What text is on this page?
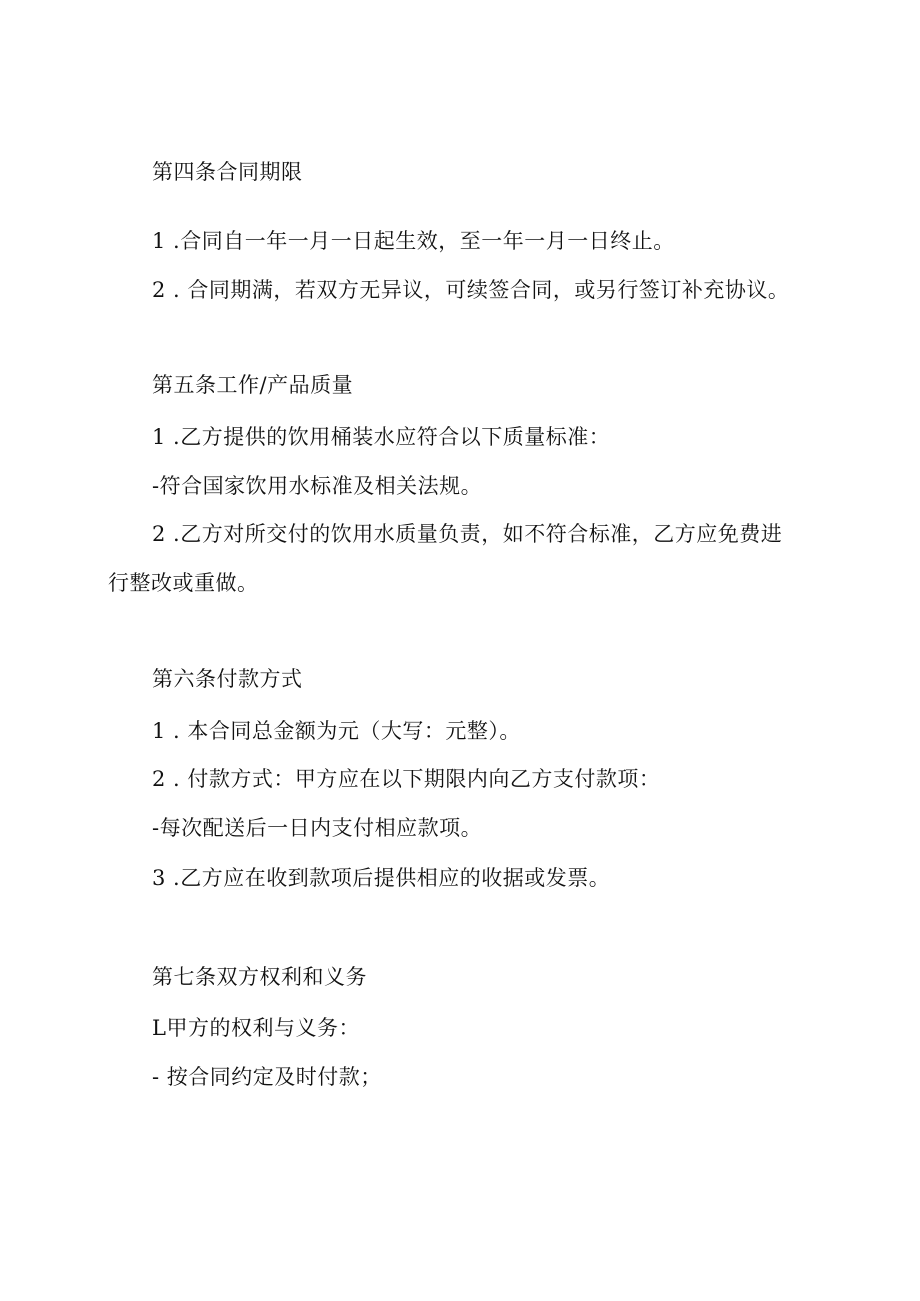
第四条合同期限
1 .合同自一年一月一日起生效，至一年一月一日终止。
2 . 合同期满，若双方无异议，可续签合同，或另行签订补充协议。
第五条工作/产品质量
1 .乙方提供的饮用桶装水应符合以下质量标准：
-符合国家饮用水标准及相关法规。
2 .乙方对所交付的饮用水质量负责，如不符合标准，乙方应免费进
行整改或重做。
第六条付款方式
1 . 本合同总金额为元（大写：元整）。
2 . 付款方式：甲方应在以下期限内向乙方支付款项：
-每次配送后一日内支付相应款项。
3 .乙方应在收到款项后提供相应的收据或发票。
第七条双方权利和义务
L甲方的权利与义务：
- 按合同约定及时付款；
